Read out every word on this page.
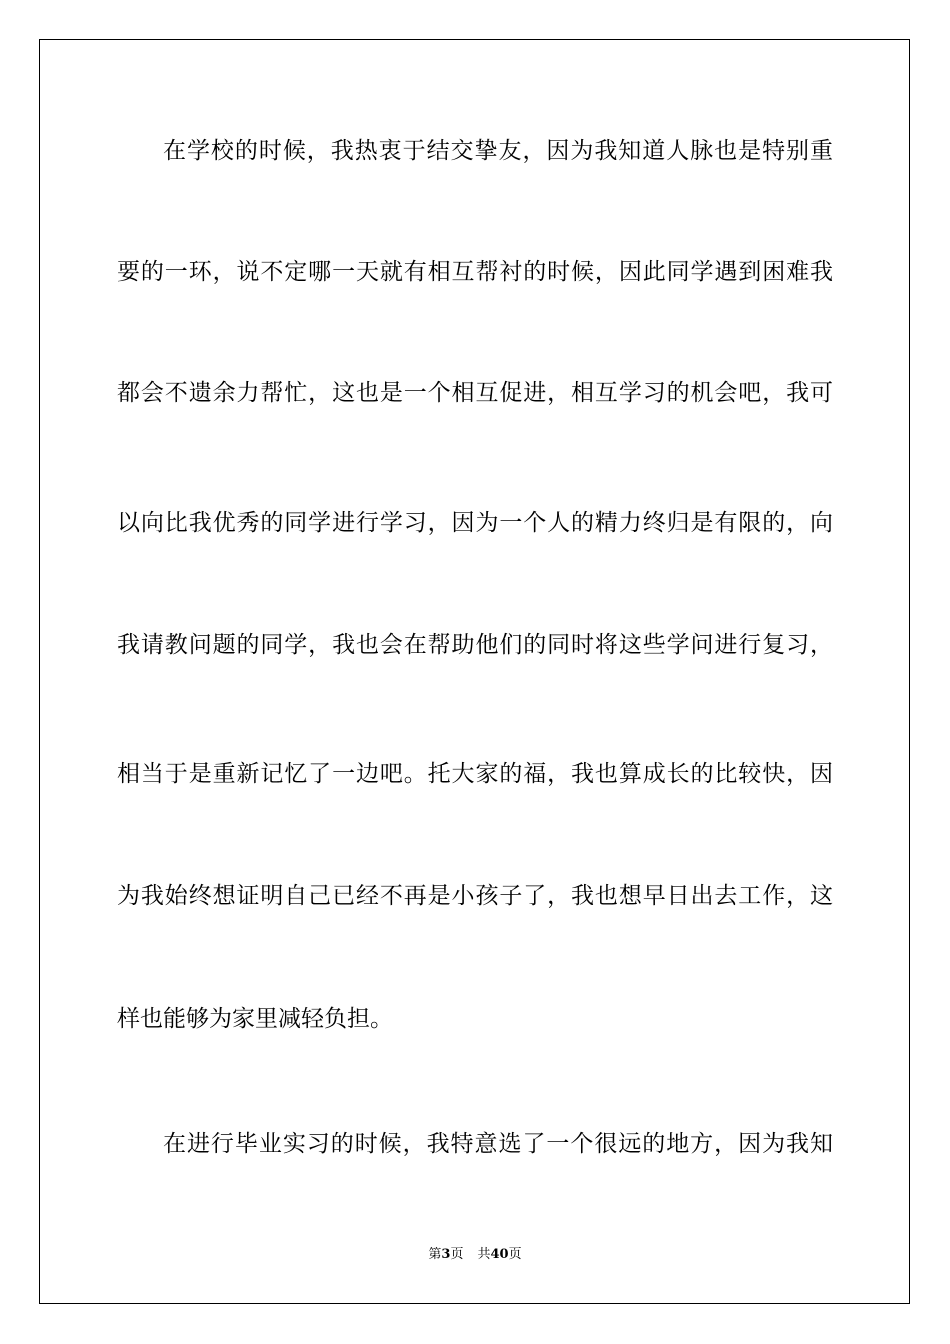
在学校的时候，我热衷于结交挚友，因为我知道人脉也是特别重
要的一环，说不定哪一天就有相互帮衬的时候，因此同学遇到困难我
都会不遗余力帮忙，这也是一个相互促进，相互学习的机会吧，我可
以向比我优秀的同学进行学习，因为一个人的精力终归是有限的，向
我请教问题的同学，我也会在帮助他们的同时将这些学问进行复习，
相当于是重新记忆了一边吧。托大家的福，我也算成长的比较快，因
为我始终想证明自己已经不再是小孩子了，我也想早日出去工作，这
样也能够为家里减轻负担。
在进行毕业实习的时候，我特意选了一个很远的地方，因为我知
第3页 共40页
